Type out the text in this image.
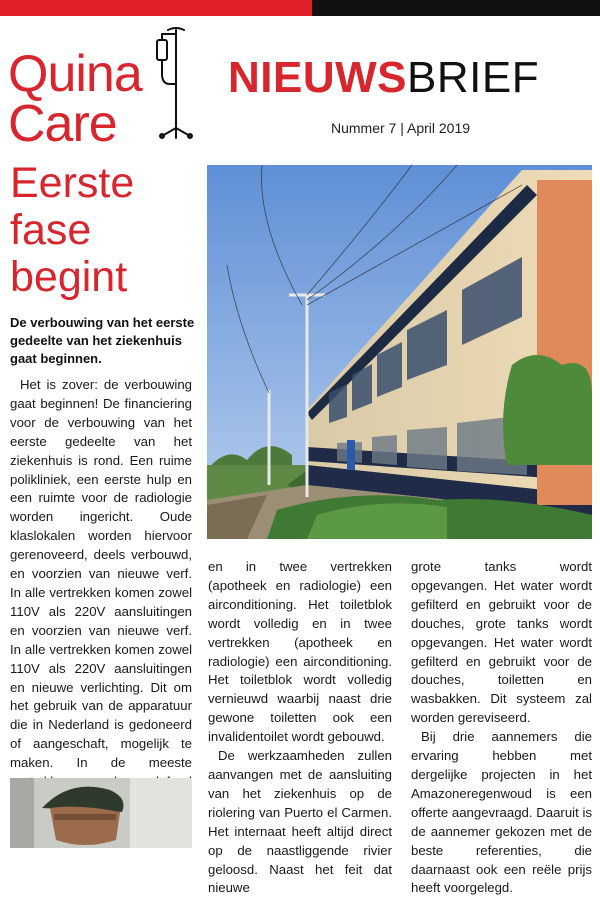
Quina
Care
NIEUWSBRIEF
Nummer 7 | April 2019
Eerste
fase
begint
De verbouwing van het eerste gedeelte van het ziekenhuis gaat beginnen.

Het is zover: de verbouwing gaat beginnen! De financiering voor de verbouwing van het eerste gedeelte van het ziekenhuis is rond. Een ruime polikliniek, een eerste hulp en een ruimte voor de radiologie worden ingericht. Oude klaslokalen worden hiervoor gerenoveerd, deels verbouwd, en voorzien van nieuwe verf. In alle vertrekken komen zowel 110V als 220V aansluitingen en voorzien van nieuwe verf. In alle vertrekken komen zowel 110V als 220V aansluitingen en nieuwe verlichting. Dit om het gebruik van de apparatuur die in Nederland is gedoneerd of aangeschaft, mogelijk te maken. In de meeste

en in twee vertrekken (apotheek en radiologie) een airconditioning. Het toiletblok wordt volledig en in twee vertrekken (apotheek en radiologie) een airconditioning. Het toiletblok wordt volledig vernieuwd waarbij naast drie gewone toiletten ook een invalidentoilet wordt gebouwd.

De werkzaamheden zullen aanvangen met de aansluiting van het ziekenhuis op de riolering van Puerto el Carmen. Het internaat heeft altijd direct op de naastliggende rivier geloosd. Naast het feit dat nieuwe

grote tanks wordt opgevangen. Het water wordt gefilterd en gebruikt voor de douches, grote tanks wordt opgevangen. Het water wordt gefilterd en gebruikt voor de douches, toiletten en wasbakken. Dit systeem zal worden gereviseerd.

Bij drie aannemers die ervaring hebben met dergelijke projecten in het Amazoneregenwoud is een offerte aangevraagd. Daaruit is de aannemer gekozen met de beste referenties, die daarnaast ook een reële prijs heeft voorgelegd.
